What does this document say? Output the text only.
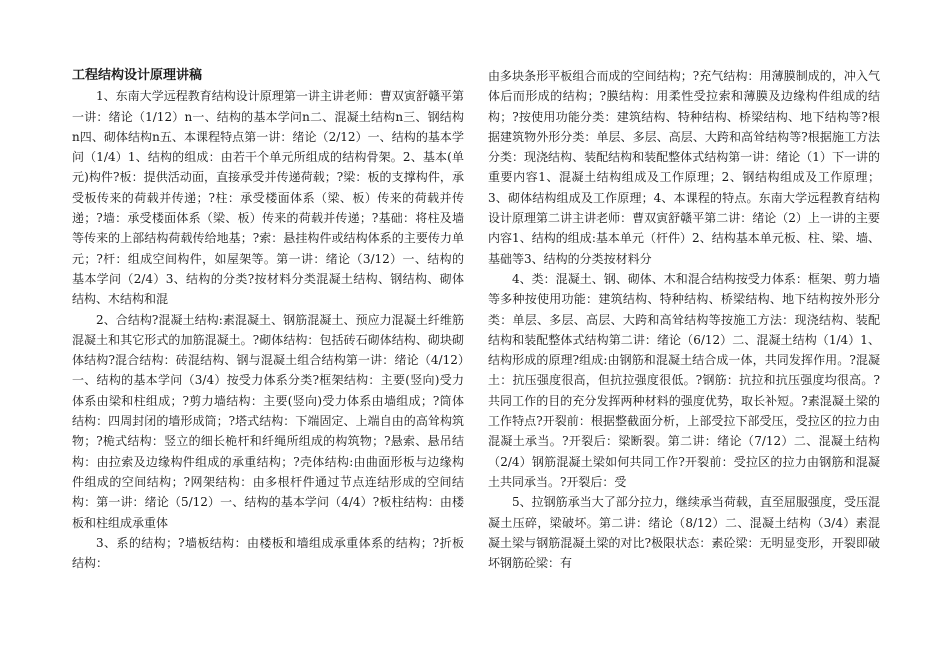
工程结构设计原理讲稿

1、东南大学远程教育结构设计原理第一讲主讲老师：曹双寅舒赣平第一讲：绪论（1/12）n一、结构的基本学问n二、混凝土结构n三、钢结构n四、砌体结构n五、本课程特点第一讲：绪论（2/12）一、结构的基本学问（1/4）1、结构的组成：由若干个单元所组成的结构骨架。2、基本(单元)构件?板：提供活动面，直接承受并传递荷载；?梁：板的支撑构件，承受板传来的荷载并传递；?柱：承受楼面体系（梁、板）传来的荷载并传递；?墙：承受楼面体系（梁、板）传来的荷载并传递；?基础：将柱及墙等传来的上部结构荷载传给地基；?索：悬挂构件或结构体系的主要传力单元；?杆：组成空间构件，如屋架等。第一讲：绪论（3/12）一、结构的基本学问（2/4）3、结构的分类?按材料分类混凝土结构、钢结构、砌体结构、木结构和混

2、合结构?混凝土结构:素混凝土、钢筋混凝土、预应力混凝土纤维筋混凝土和其它形式的加筋混凝土。?砌体结构：包括砖石砌体结构、砌块砌体结构?混合结构：砖混结构、钢与混凝土组合结构第一讲：绪论（4/12）一、结构的基本学问（3/4）按受力体系分类?框架结构：主要(竖向)受力体系由梁和柱组成；?剪力墙结构：主要(竖向)受力体系由墙组成；?筒体结构：四周封闭的墙形成筒；?塔式结构：下端固定、上端自由的高耸构筑物；?桅式结构：竖立的细长桅杆和纤绳所组成的构筑物；?悬索、悬吊结构：由拉索及边缘构件组成的承重结构；?壳体结构:由曲面形板与边缘构件组成的空间结构；?网架结构：由多根杆件通过节点连结形成的空间结构：第一讲：绪论（5/12）一、结构的基本学问（4/4）?板柱结构：由楼板和柱组成承重体

3、系的结构；?墙板结构：由楼板和墙组成承重体系的结构；?折板结构：

由多块条形平板组合而成的空间结构；?充气结构：用薄膜制成的，冲入气体后而形成的结构；?膜结构：用柔性受拉索和薄膜及边缘构件组成的结构；?按使用功能分类：建筑结构、特种结构、桥梁结构、地下结构等?根据建筑物外形分类：单层、多层、高层、大跨和高耸结构等?根据施工方法分类：现浇结构、装配结构和装配整体式结构第一讲：绪论（1）下一讲的重要内容1、混凝土结构组成及工作原理；2、钢结构组成及工作原理；3、砌体结构组成及工作原理；4、本课程的特点。东南大学远程教育结构设计原理第二讲主讲老师：曹双寅舒赣平第二讲：绪论（2）上一讲的主要内容1、结构的组成:基本单元（杆件）2、结构基本单元板、柱、梁、墙、基础等3、结构的分类按材料分

4、类：混凝土、钢、砌体、木和混合结构按受力体系：框架、剪力墙等多种按使用功能：建筑结构、特种结构、桥梁结构、地下结构按外形分类：单层、多层、高层、大跨和高耸结构等按施工方法：现浇结构、装配结构和装配整体式结构第二讲：绪论（6/12）二、混凝土结构（1/4）1、结构形成的原理?组成:由钢筋和混凝土结合成一体，共同发挥作用。?混凝土：抗压强度很高，但抗拉强度很低。?钢筋：抗拉和抗压强度均很高。?共同工作的目的充分发挥两种材料的强度优势，取长补短。?素混凝土梁的工作特点?开裂前：根据整截面分析，上部受拉下部受压，受拉区的拉力由混凝土承当。?开裂后：梁断裂。第二讲：绪论（7/12）二、混凝土结构（2/4）钢筋混凝土梁如何共同工作?开裂前：受拉区的拉力由钢筋和混凝土共同承当。?开裂后：受

5、拉钢筋承当大了部分拉力，继续承当荷载，直至屈服强度，受压混凝土压碎，梁破坏。第二讲：绪论（8/12）二、混凝土结构（3/4）素混凝土梁与钢筋混凝土梁的对比?极限状态：素砼梁：无明显变形，开裂即破坏钢筋砼梁：有
